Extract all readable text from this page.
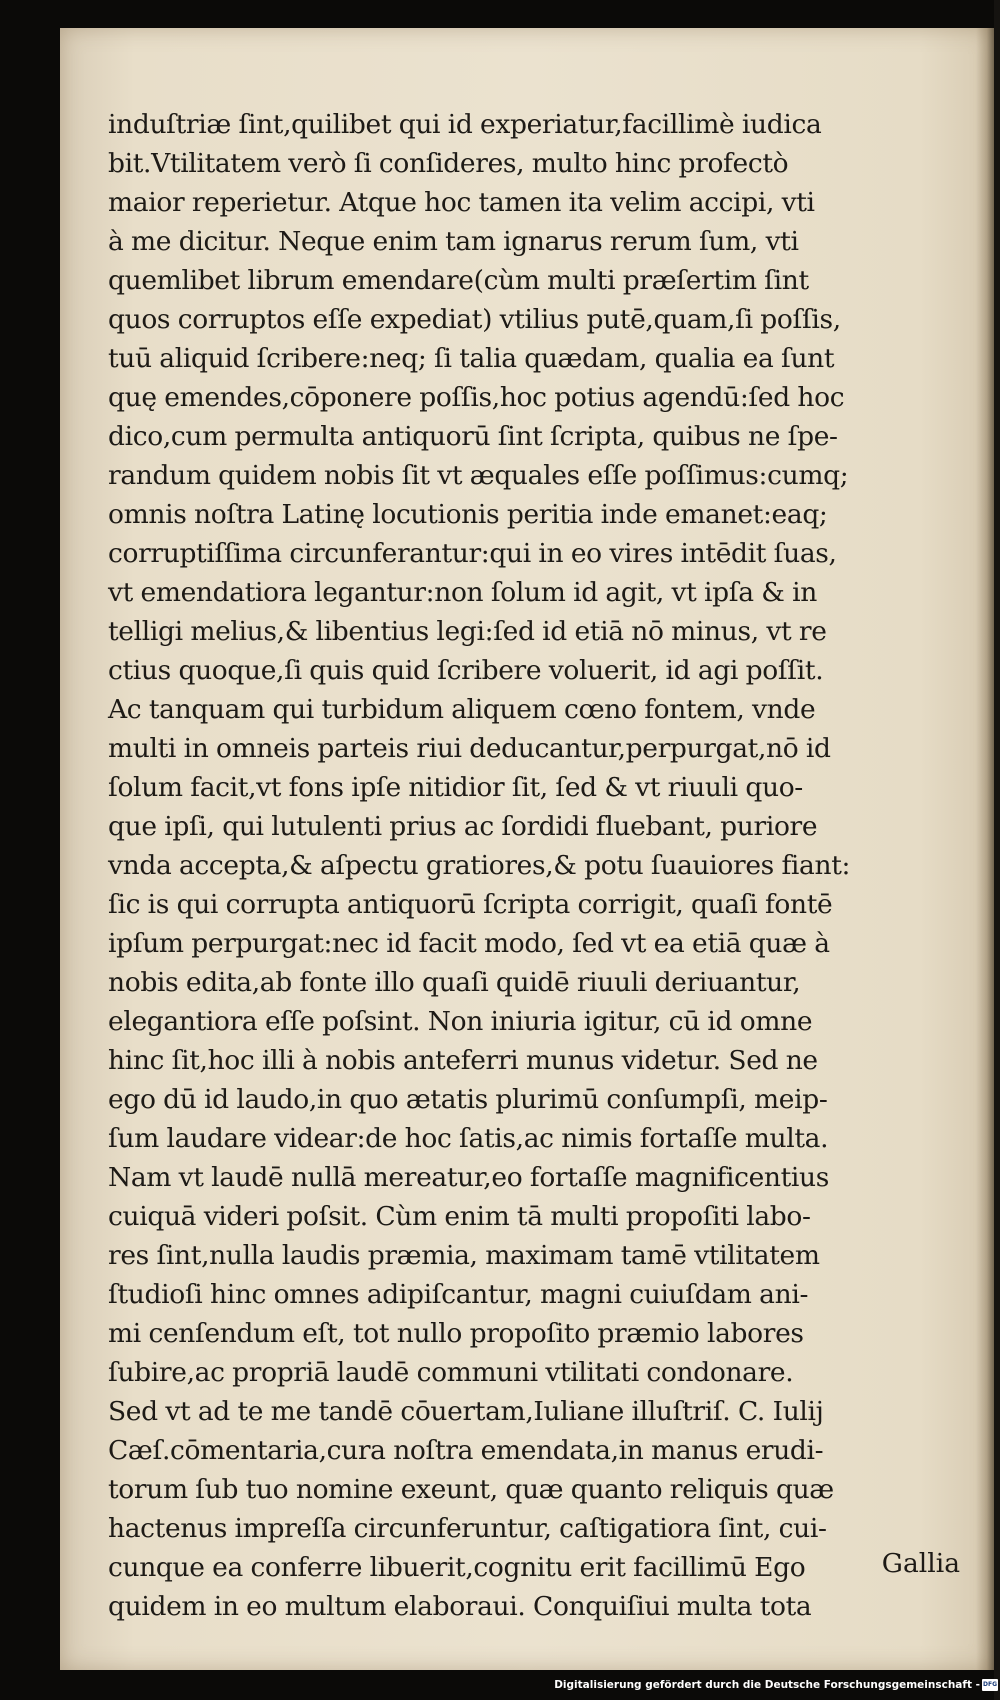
induſtriæ ſint,quilibet qui id experiatur,facillimè iudica
bit.Vtilitatem verò ſi conſideres, multo hinc profectò
maior reperietur. Atque hoc tamen ita velim accipi, vti
à me dicitur. Neque enim tam ignarus rerum ſum, vti
quemlibet librum emendare(cùm multi præſertim ſint
quos corruptos eſſe expediat) vtilius putē,quam,ſi poſſis,
tuū aliquid ſcribere:neq; ſi talia quædam, qualia ea ſunt
quę emendes,cōponere poſſis,hoc potius agendū:ſed hoc
dico,cum permulta antiquorū ſint ſcripta, quibus ne ſpe-
randum quidem nobis ſit vt æquales eſſe poſſimus:cumq;
omnis noſtra Latinę locutionis peritia inde emanet:eaq;
corruptiſſima circunferantur:qui in eo vires intēdit ſuas,
vt emendatiora legantur:non ſolum id agit, vt ipſa & in
telligi melius,& libentius legi:ſed id etiā nō minus, vt re
ctius quoque,ſi quis quid ſcribere voluerit, id agi poſſit.
Ac tanquam qui turbidum aliquem cœno fontem, vnde
multi in omneis parteis riui deducantur,perpurgat,nō id
ſolum facit,vt fons ipſe nitidior ſit, ſed & vt riuuli quo-
que ipſi, qui lutulenti prius ac ſordidi fluebant, puriore
vnda accepta,& aſpectu gratiores,& potu ſuauiores fiant:
ſic is qui corrupta antiquorū ſcripta corrigit, quaſi fontē
ipſum perpurgat:nec id facit modo, ſed vt ea etiā quæ à
nobis edita,ab fonte illo quaſi quidē riuuli deriuantur,
elegantiora eſſe poſsint. Non iniuria igitur, cū id omne
hinc ſit,hoc illi à nobis anteferri munus videtur. Sed ne
ego dū id laudo,in quo ætatis plurimū conſumpſi, meip-
ſum laudare videar:de hoc ſatis,ac nimis fortaſſe multa.
Nam vt laudē nullā mereatur,eo fortaſſe magnificentius
cuiquā videri poſsit. Cùm enim tā multi propoſiti labo-
res ſint,nulla laudis præmia, maximam tamē vtilitatem
ſtudioſi hinc omnes adipiſcantur, magni cuiuſdam ani-
mi cenſendum eſt, tot nullo propoſito præmio labores
ſubire,ac propriā laudē communi vtilitati condonare.
Sed vt ad te me tandē cōuertam,Iuliane illuſtriſ. C. Iulij
Cæſ.cōmentaria,cura noſtra emendata,in manus erudi-
torum ſub tuo nomine exeunt, quæ quanto reliquis quæ
hactenus impreſſa circunferuntur, caſtigatiora ſint, cui-
cunque ea conferre libuerit,cognitu erit facillimū Ego
quidem in eo multum elaboraui. Conquiſiui multa tota
Gallia
Digitalisierung gefördert durch die Deutsche Forschungsgemeinschaft - DFG
